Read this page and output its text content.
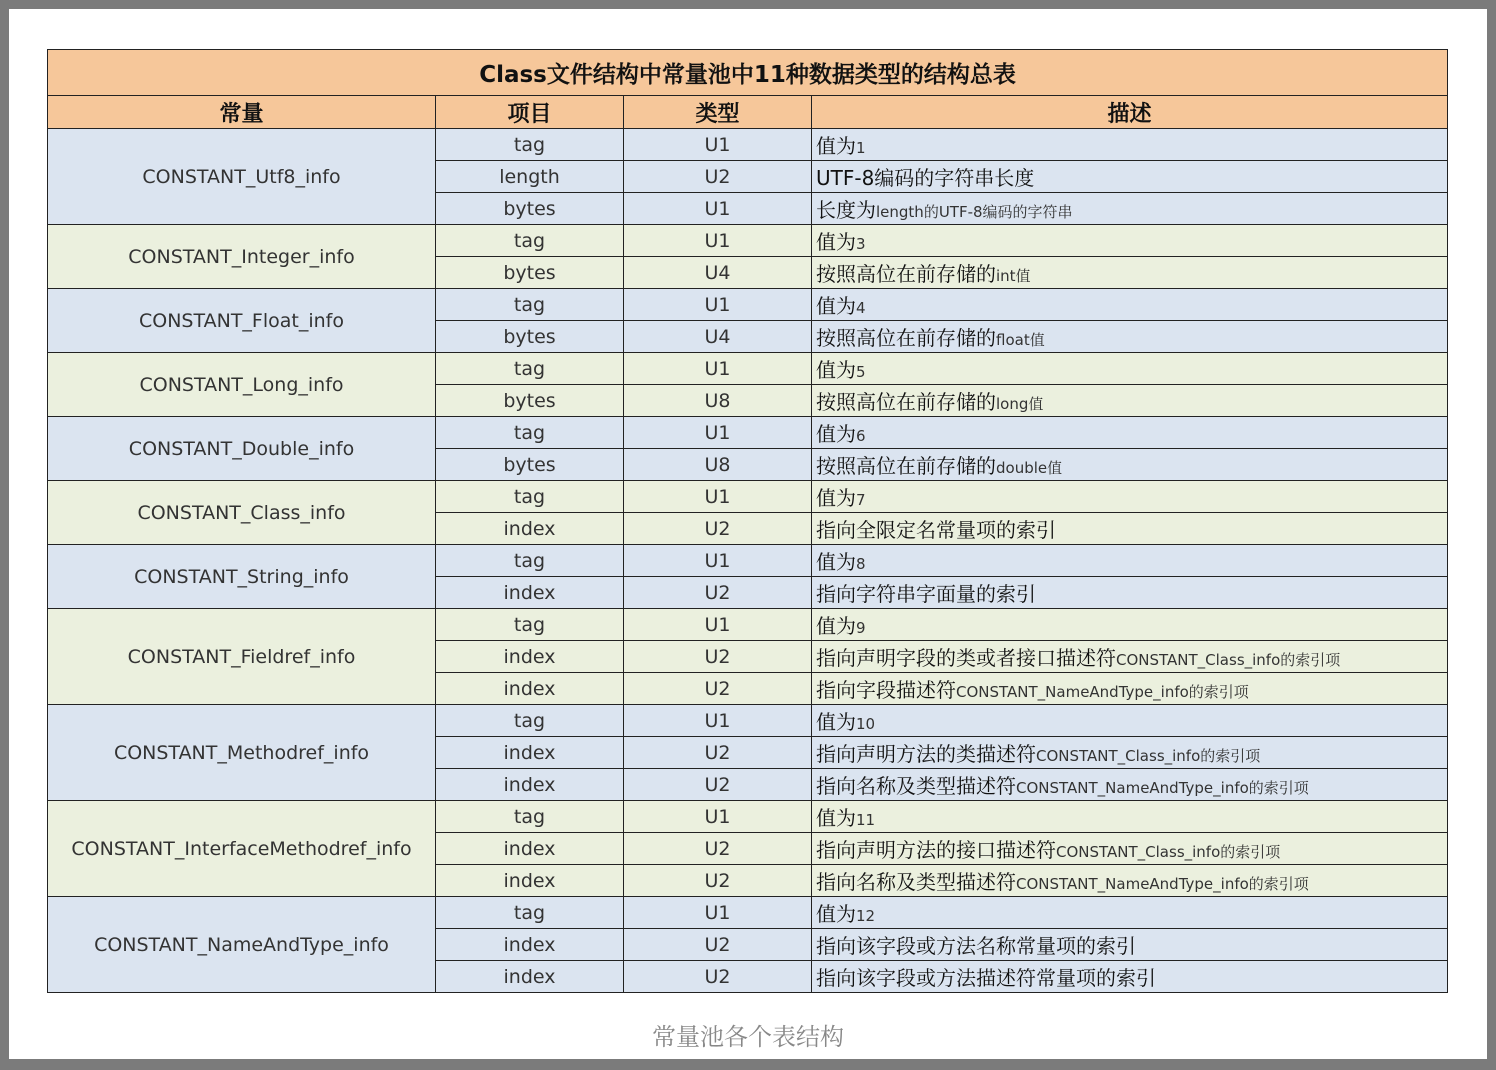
Class文件结构中常量池中11种数据类型的结构总表			
常量	项目	类型	描述
CONSTANT_Utf8_info	tag	U1	值为1
	length	U2	UTF-8编码的字符串长度
	bytes	U1	长度为length的UTF-8编码的字符串
CONSTANT_Integer_info	tag	U1	值为3
	bytes	U4	按照高位在前存储的int值
CONSTANT_Float_info	tag	U1	值为4
	bytes	U4	按照高位在前存储的float值
CONSTANT_Long_info	tag	U1	值为5
	bytes	U8	按照高位在前存储的long值
CONSTANT_Double_info	tag	U1	值为6
	bytes	U8	按照高位在前存储的double值
CONSTANT_Class_info	tag	U1	值为7
	index	U2	指向全限定名常量项的索引
CONSTANT_String_info	tag	U1	值为8
	index	U2	指向字符串字面量的索引
CONSTANT_Fieldref_info	tag	U1	值为9
	index	U2	指向声明字段的类或者接口描述符CONSTANT_Class_info的索引项
	index	U2	指向字段描述符CONSTANT_NameAndType_info的索引项
CONSTANT_Methodref_info	tag	U1	值为10
	index	U2	指向声明方法的类描述符CONSTANT_Class_info的索引项
	index	U2	指向名称及类型描述符CONSTANT_NameAndType_info的索引项
CONSTANT_InterfaceMethodref_info	tag	U1	值为11
	index	U2	指向声明方法的接口描述符CONSTANT_Class_info的索引项
	index	U2	指向名称及类型描述符CONSTANT_NameAndType_info的索引项
CONSTANT_NameAndType_info	tag	U1	值为12
	index	U2	指向该字段或方法名称常量项的索引
	index	U2	指向该字段或方法描述符常量项的索引
常量池各个表结构
